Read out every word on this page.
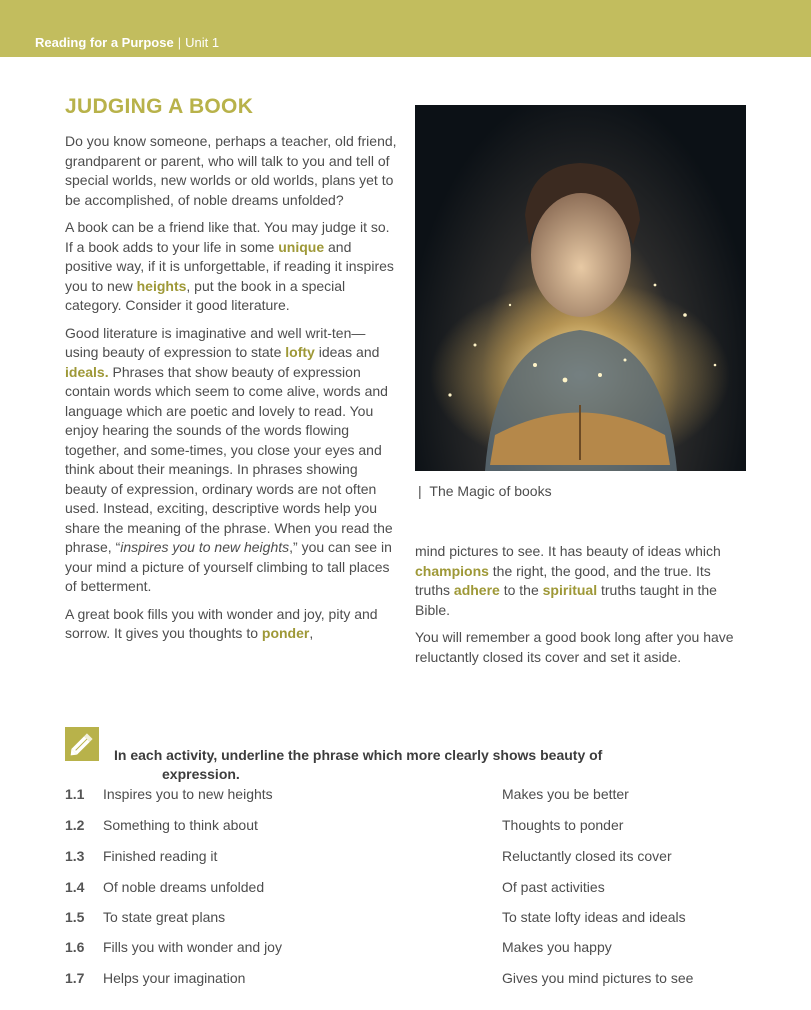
Reading for a Purpose | Unit 1
JUDGING A BOOK

Do you know someone, perhaps a teacher, old friend, grandparent or parent, who will talk to you and tell of special worlds, new worlds or old worlds, plans yet to be accomplished, of noble dreams unfolded?

A book can be a friend like that. You may judge it so. If a book adds to your life in some unique and positive way, if it is unforgettable, if reading it inspires you to new heights, put the book in a special category. Consider it good literature.

Good literature is imaginative and well writ-ten—using beauty of expression to state lofty ideas and ideals. Phrases that show beauty of expression contain words which seem to come alive, words and language which are poetic and lovely to read. You enjoy hearing the sounds of the words flowing together, and some-times, you close your eyes and think about their meanings. In phrases showing beauty of expression, ordinary words are not often used. Instead, exciting, descriptive words help you share the meaning of the phrase. When you read the phrase, “inspires you to new heights,” you can see in your mind a picture of yourself climbing to tall places of betterment.

A great book fills you with wonder and joy, pity and sorrow. It gives you thoughts to ponder,

| The Magic of books

mind pictures to see. It has beauty of ideas which champions the right, the good, and the true. Its truths adhere to the spiritual truths taught in the Bible.

You will remember a good book long after you have reluctantly closed its cover and set it aside.

In each activity, underline the phrase which more clearly shows beauty of
expression.
1.1 Inspires you to new heights	Makes you be better
1.2 Something to think about	Thoughts to ponder
1.3 Finished reading it	Reluctantly closed its cover
1.4 Of noble dreams unfolded	Of past activities
1.5 To state great plans	To state lofty ideas and ideals
1.6 Fills you with wonder and joy	Makes you happy
1.7 Helps your imagination	Gives you mind pictures to see
